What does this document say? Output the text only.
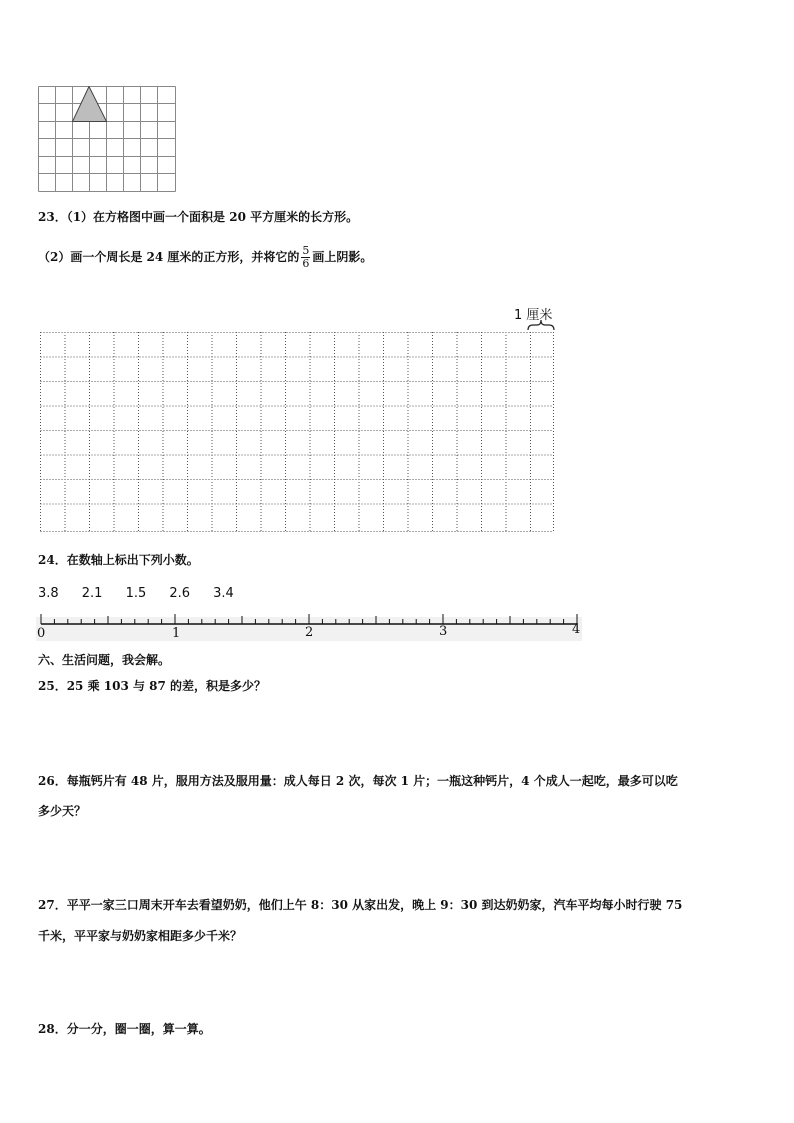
23．（1）在方格图中画一个面积是 20 平方厘米的长方形。
（2）画一个周长是 24 厘米的正方形，并将它的 $\frac{5}{6}$ 画上阴影。
1 厘米
24．在数轴上标出下列小数。
3.8 2.1 1.5 2.6 3.4
0	1	2	3	4
六、生活问题，我会解。
25．25 乘 103 与 87 的差，积是多少？
26．每瓶钙片有 48 片，服用方法及服用量：成人每日 2 次，每次 1 片；一瓶这种钙片，4 个成人一起吃，最多可以吃
多少天？
27．平平一家三口周末开车去看望奶奶，他们上午 8：30 从家出发，晚上 9：30 到达奶奶家，汽车平均每小时行驶 75
千米，平平家与奶奶家相距多少千米？
28．分一分，圈一圈，算一算。
